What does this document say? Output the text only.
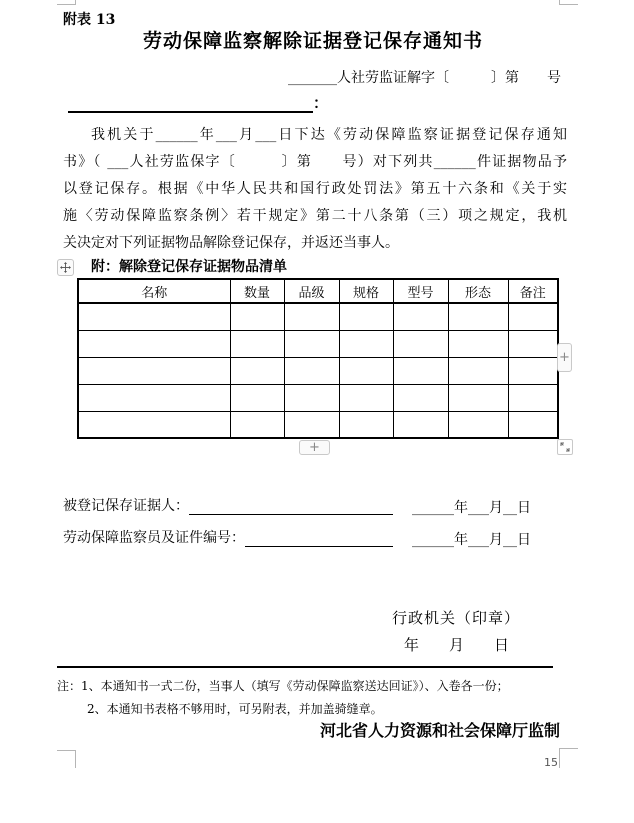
附表 13
劳动保障监察解除证据登记保存通知书
_______人社劳监证解字〔　　　〕第　　号
：
我机关于______年___月___日下达《劳动保障监察证据登记保存通知
书》（ ___人社劳监保字〔　　　〕第　　号）对下列共______件证据物品予
以登记保存。根据《中华人民共和国行政处罚法》第五十六条和《关于实
施〈劳动保障监察条例〉若干规定》第二十八条第（三）项之规定，我机
关决定对下列证据物品解除登记保存，并返还当事人。
附：解除登记保存证据物品清单
名称	数量	品级	规格	型号	形态	备注

+
+
被登记保存证据人：	______年___月__日
劳动保障监察员及证件编号：	______年___月__日
行政机关（印章）
年　　月　　日
注：1、本通知书一式二份，当事人（填写《劳动保障监察送达回证》）、入卷各一份；
2、本通知书表格不够用时，可另附表，并加盖骑缝章。
河北省人力资源和社会保障厅监制
15
